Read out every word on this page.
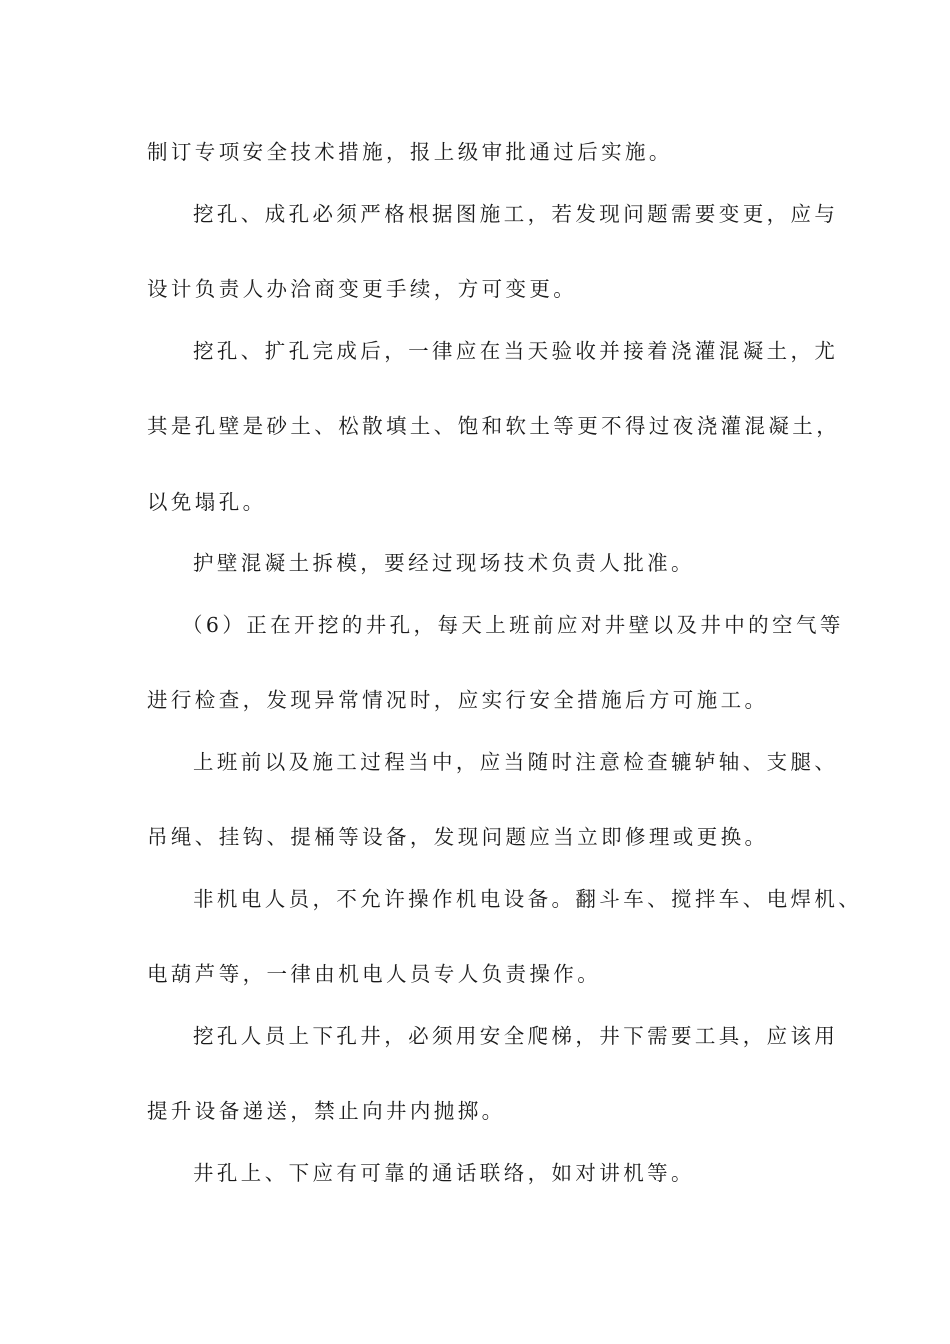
制订专项安全技术措施，报上级审批通过后实施。
挖孔、成孔必须严格根据图施工，若发现问题需要变更，应与
设计负责人办洽商变更手续，方可变更。
挖孔、扩孔完成后，一律应在当天验收并接着浇灌混凝土，尤
其是孔壁是砂土、松散填土、饱和软土等更不得过夜浇灌混凝土，
以免塌孔。
护壁混凝土拆模，要经过现场技术负责人批准。
（6）正在开挖的井孔，每天上班前应对井壁以及井中的空气等
进行检查，发现异常情况时，应实行安全措施后方可施工。
上班前以及施工过程当中，应当随时注意检查辘轳轴、支腿、
吊绳、挂钩、提桶等设备，发现问题应当立即修理或更换。
非机电人员，不允许操作机电设备。翻斗车、搅拌车、电焊机、
电葫芦等，一律由机电人员专人负责操作。
挖孔人员上下孔井，必须用安全爬梯，井下需要工具，应该用
提升设备递送，禁止向井内抛掷。
井孔上、下应有可靠的通话联络，如对讲机等。
